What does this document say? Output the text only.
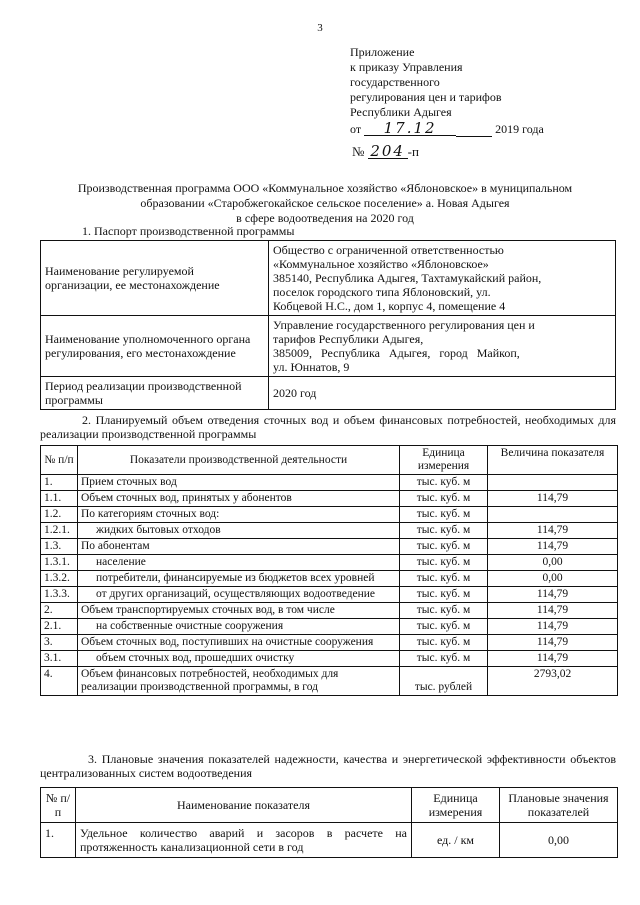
3
Приложение
к приказу Управления
государственного
регулирования цен и тарифов
Республики Адыгея
от 17.12	2019 года
№ 204 -п
Производственная программа ООО «Коммунальное хозяйство «Яблоновское» в муниципальном
образовании «Старобжегокайское сельское поселение» а. Новая Адыгея
в сфере водоотведения на 2020 год
1. Паспорт производственной программы
Наименование регулируемой организации, ее местонахождение	Общество с ограниченной ответственностью
«Коммунальное хозяйство «Яблоновское»
385140, Республика Адыгея, Тахтамукайский район,
поселок городского типа Яблоновский, ул.
Кобцевой Н.С., дом 1, корпус 4, помещение 4

Наименование уполномоченного органа регулирования, его местонахождение	Управление государственного регулирования цен и
тарифов Республики Адыгея,
385009,   Республика   Адыгея,   город   Майкоп,
ул. Юннатов, 9

Период реализации производственной программы	2020 год
2. Планируемый объем отведения сточных вод и объем финансовых потребностей, необходимых для реализации производственной программы
№ п/п	Показатели производственной деятельности	Единица измерения	Величина показателя
1.	Прием сточных вод	тыс. куб. м	
1.1.	Объем сточных вод, принятых у абонентов	тыс. куб. м	114,79
1.2.	По категориям сточных вод:	тыс. куб. м	
1.2.1.	жидких бытовых отходов	тыс. куб. м	114,79
1.3.	По абонентам	тыс. куб. м	114,79
1.3.1.	население	тыс. куб. м	0,00
1.3.2.	потребители, финансируемые из бюджетов всех уровней	тыс. куб. м	0,00
1.3.3.	от других организаций, осуществляющих водоотведение	тыс. куб. м	114,79
2.	Объем транспортируемых сточных вод, в том числе	тыс. куб. м	114,79
2.1.	на собственные очистные сооружения	тыс. куб. м	114,79
3.	Объем сточных вод, поступивших на очистные сооружения	тыс. куб. м	114,79
3.1.	объем сточных вод, прошедших очистку	тыс. куб. м	114,79
4.	Объем финансовых потребностей, необходимых для реализации производственной программы, в год	тыс. рублей	2793,02
3. Плановые значения показателей надежности, качества и энергетической эффективности объектов централизованных систем водоотведения
№ п/п	Наименование показателя	Единица измерения	Плановые значения показателей
1.	Удельное количество аварий и засоров в расчете на протяженность канализационной сети в год	ед. / км	0,00
